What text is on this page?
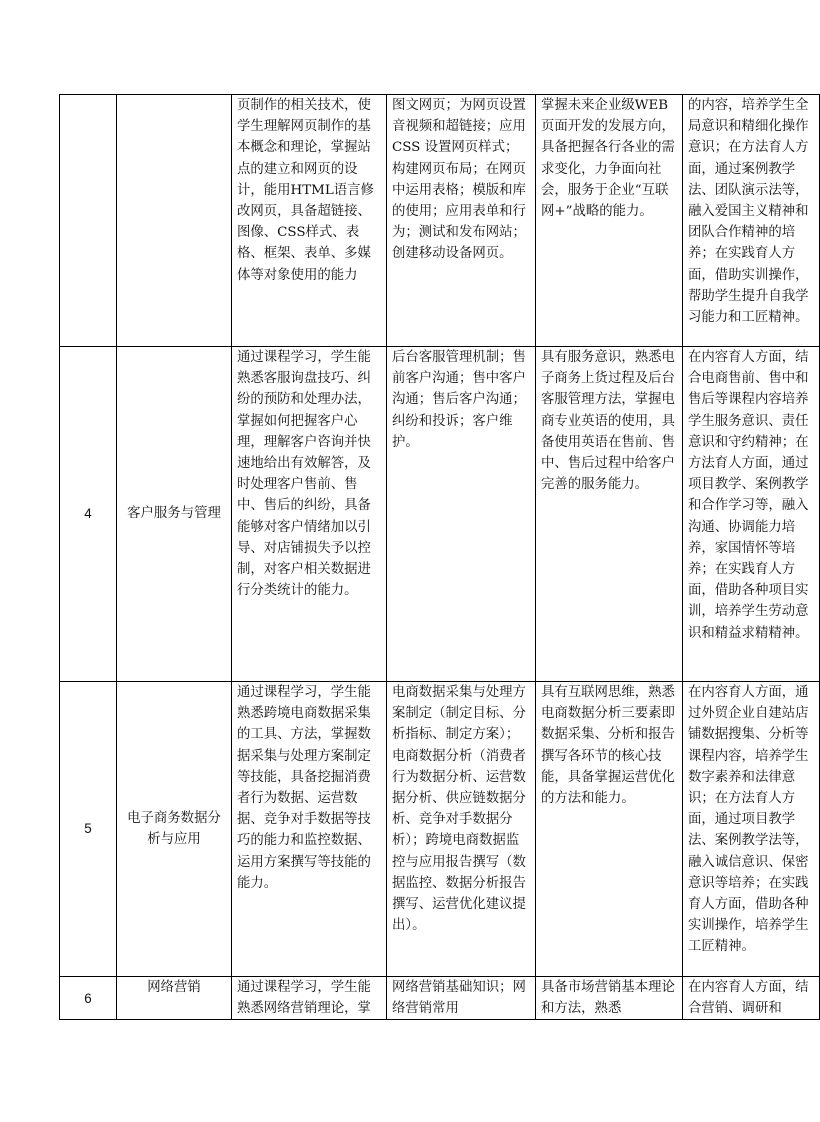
		页制作的相关技术，使学生理解网页制作的基本概念和理论，掌握站点的建立和网页的设计，能用HTML语言修改网页，具备超链接、图像、CSS样式、表格、框架、表单、多媒体等对象使用的能力	图文网页；为网页设置音视频和超链接；应用CSS 设置网页样式；构建网页布局；在网页中运用表格；模版和库的使用；应用表单和行为；测试和发布网站；创建移动设备网页。	掌握未来企业级WEB页面开发的发展方向，具备把握各行各业的需求变化，力争面向社会，服务于企业“互联网+”战略的能力。	的内容，培养学生全局意识和精细化操作意识；在方法育人方面，通过案例教学法、团队演示法等，融入爱国主义精神和团队合作精神的培养；在实践育人方面，借助实训操作，帮助学生提升自我学习能力和工匠精神。

4	客户服务与管理	通过课程学习，学生能熟悉客服询盘技巧、纠纷的预防和处理办法，掌握如何把握客户心理，理解客户咨询并快速地给出有效解答，及时处理客户售前、售中、售后的纠纷，具备能够对客户情绪加以引导、对店铺损失予以控制，对客户相关数据进行分类统计的能力。	后台客服管理机制；售前客户沟通；售中客户沟通；售后客户沟通；纠纷和投诉；客户维护。	具有服务意识，熟悉电子商务上货过程及后台客服管理方法，掌握电商专业英语的使用，具备使用英语在售前、售中、售后过程中给客户完善的服务能力。	在内容育人方面，结合电商售前、售中和售后等课程内容培养学生服务意识、责任意识和守约精神；在方法育人方面，通过项目教学、案例教学和合作学习等，融入沟通、协调能力培养，家国情怀等培养；在实践育人方面，借助各种项目实训，培养学生劳动意识和精益求精精神。

5	电子商务数据分析与应用	通过课程学习，学生能熟悉跨境电商数据采集的工具、方法，掌握数据采集与处理方案制定等技能，具备挖掘消费者行为数据、运营数据、竞争对手数据等技巧的能力和监控数据、运用方案撰写等技能的能力。	电商数据采集与处理方案制定（制定目标、分析指标、制定方案）；电商数据分析（消费者行为数据分析、运营数据分析、供应链数据分析、竞争对手数据分析）；跨境电商数据监控与应用报告撰写（数据监控、数据分析报告撰写、运营优化建议提出）。	具有互联网思维，熟悉电商数据分析三要素即数据采集、分析和报告撰写各环节的核心技能，具备掌握运营优化的方法和能力。	在内容育人方面，通过外贸企业自建站店铺数据搜集、分析等课程内容，培养学生数字素养和法律意识；在方法育人方面，通过项目教学法、案例教学法等，融入诚信意识、保密意识等培养；在实践育人方面，借助各种实训操作，培养学生工匠精神。

6	网络营销	通过课程学习，学生能熟悉网络营销理论，掌	网络营销基础知识；网络营销常用	具备市场营销基本理论和方法，熟悉	在内容育人方面，结合营销、调研和
